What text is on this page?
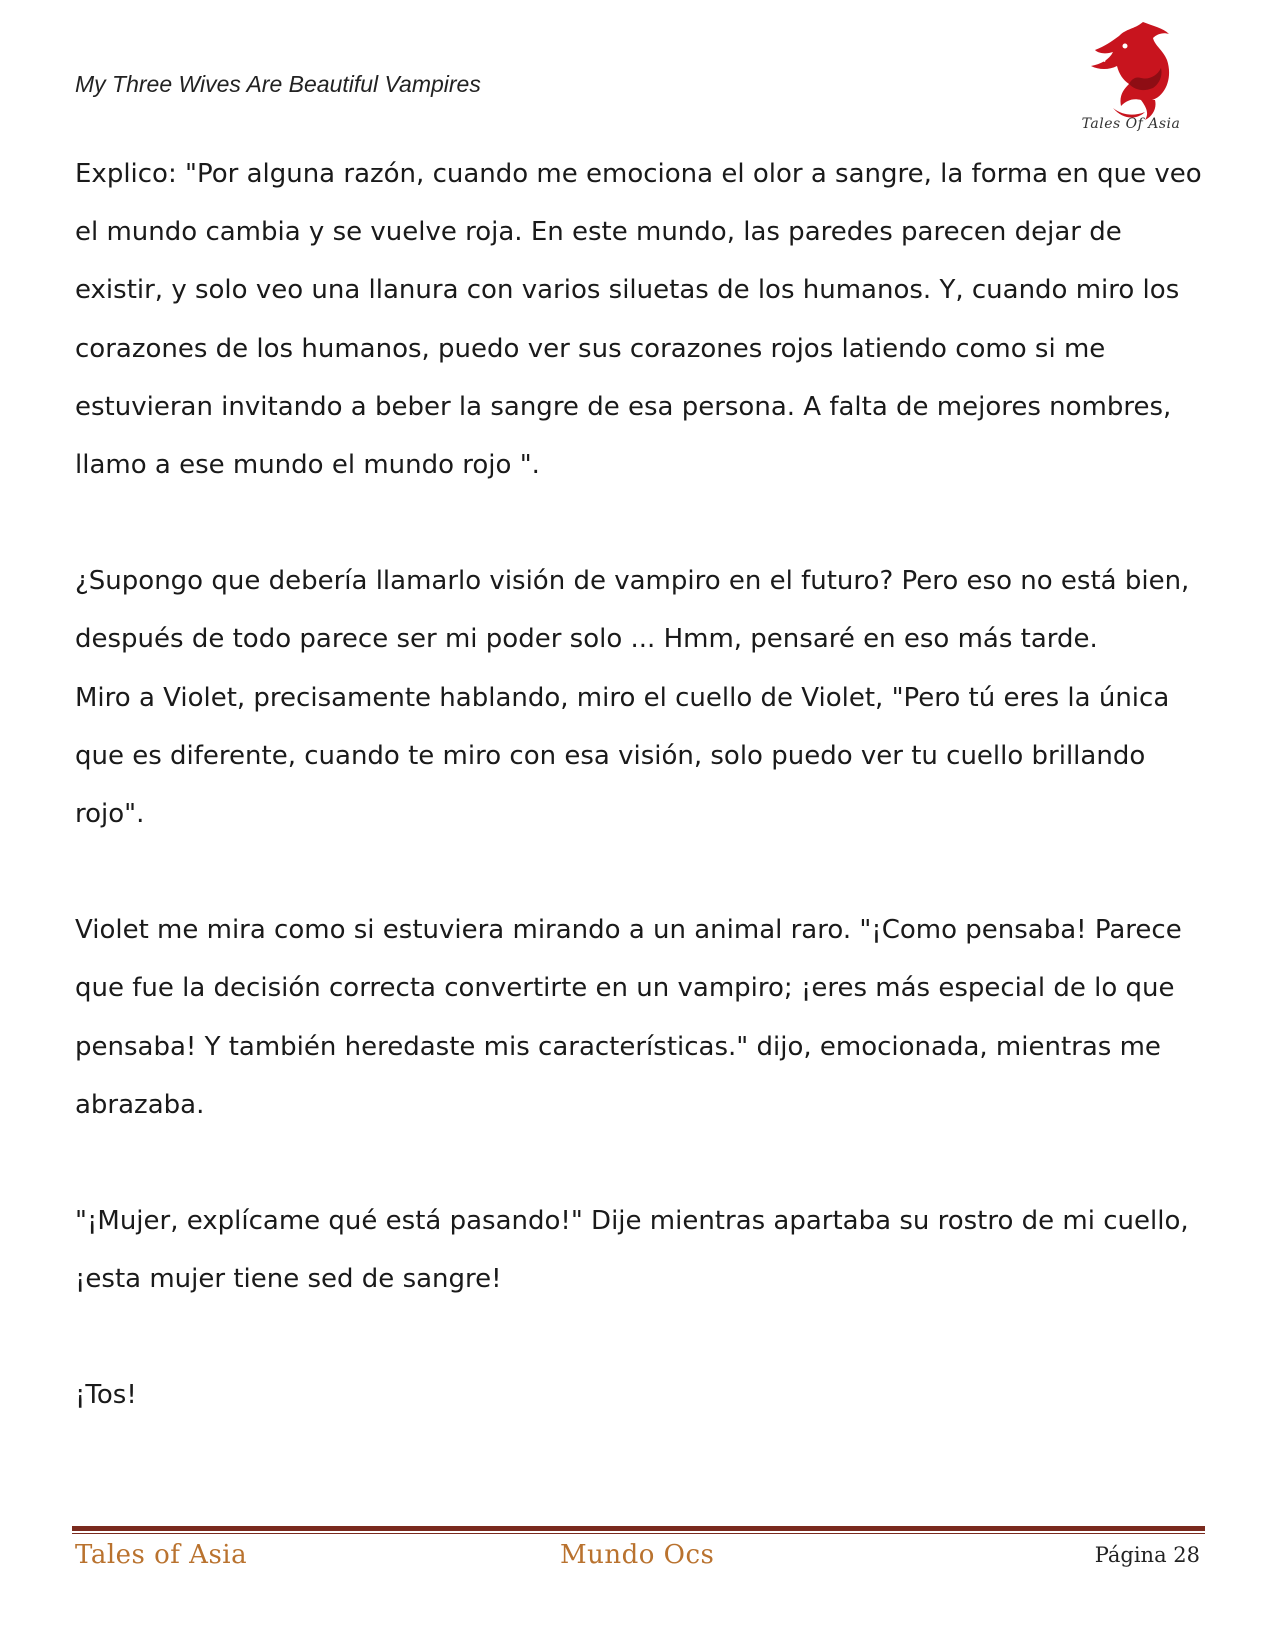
My Three Wives Are Beautiful Vampires
Tales Of Asia

Explico: "Por alguna razón, cuando me emociona el olor a sangre, la forma en que veo el mundo cambia y se vuelve roja. En este mundo, las paredes parecen dejar de existir, y solo veo una llanura con varios siluetas de los humanos. Y, cuando miro los corazones de los humanos, puedo ver sus corazones rojos latiendo como si me estuvieran invitando a beber la sangre de esa persona. A falta de mejores nombres, llamo a ese mundo el mundo rojo ".

¿Supongo que debería llamarlo visión de vampiro en el futuro? Pero eso no está bien, después de todo parece ser mi poder solo ... Hmm, pensaré en eso más tarde.

Miro a Violet, precisamente hablando, miro el cuello de Violet, "Pero tú eres la única que es diferente, cuando te miro con esa visión, solo puedo ver tu cuello brillando rojo".

Violet me mira como si estuviera mirando a un animal raro. "¡Como pensaba! Parece que fue la decisión correcta convertirte en un vampiro; ¡eres más especial de lo que pensaba! Y también heredaste mis características." dijo, emocionada, mientras me abrazaba.

"¡Mujer, explícame qué está pasando!" Dije mientras apartaba su rostro de mi cuello, ¡esta mujer tiene sed de sangre!

¡Tos!

Tales of Asia	Mundo Ocs	Página 28
